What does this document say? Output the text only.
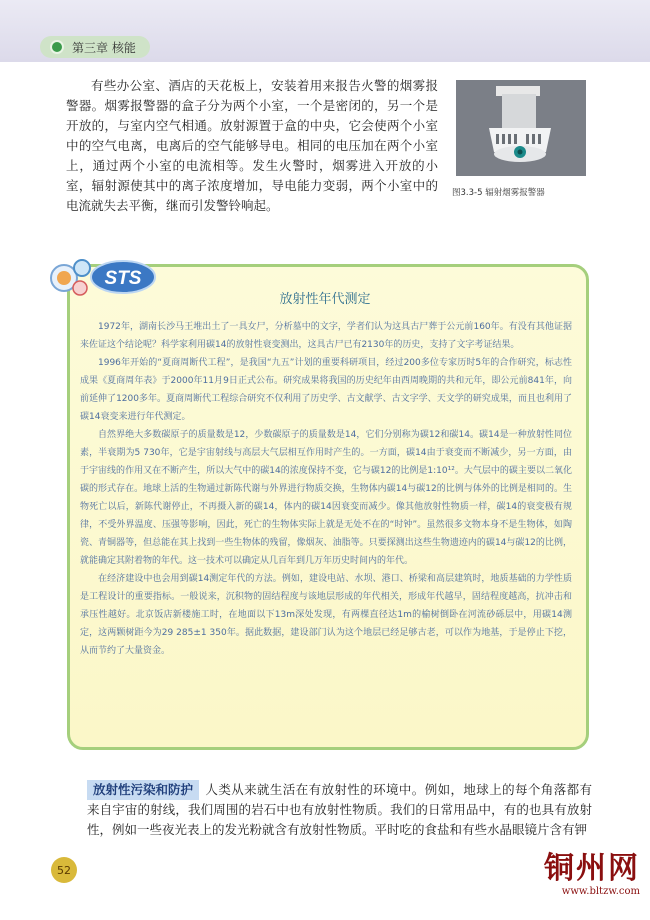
第三章 核能
有些办公室、酒店的天花板上，安装着用来报告火警的烟雾报警器。烟雾报警器的盒子分为两个小室，一个是密闭的，另一个是开放的，与室内空气相通。放射源置于盒的中央，它会使两个小室中的空气电离，电离后的空气能够导电。相同的电压加在两个小室上，通过两个小室的电流相等。发生火警时，烟雾进入开放的小室，辐射源使其中的离子浓度增加，导电能力变弱，两个小室中的电流就失去平衡，继而引发警铃响起。
图3.3-5 辐射烟雾报警器
STS
放射性年代测定

1972年，湖南长沙马王堆出土了一具女尸，分析墓中的文字，学者们认为这具古尸葬于公元前160年。有没有其他证据来佐证这个结论呢？科学家利用碳14的放射性衰变测出，这具古尸已有2130年的历史，支持了文字考证结果。

1996年开始的“夏商周断代工程”，是我国“九五”计划的重要科研项目，经过200多位专家历时5年的合作研究，标志性成果《夏商周年表》于2000年11月9日正式公布。研究成果将我国的历史纪年由西周晚期的共和元年，即公元前841年，向前延伸了1200多年。夏商周断代工程综合研究不仅利用了历史学、古文献学、古文字学、天文学的研究成果，而且也利用了碳14衰变来进行年代测定。

自然界绝大多数碳原子的质量数是12，少数碳原子的质量数是14，它们分别称为碳12和碳14。碳14是一种放射性同位素，半衰期为5 730年，它是宇宙射线与高层大气层相互作用时产生的。一方面，碳14由于衰变而不断减少，另一方面，由于宇宙线的作用又在不断产生，所以大气中的碳14的浓度保持不变，它与碳12的比例是1:10¹²。大气层中的碳主要以二氧化碳的形式存在。地球上活的生物通过新陈代谢与外界进行物质交换，生物体内碳14与碳12的比例与体外的比例是相同的。生物死亡以后，新陈代谢停止，不再摄入新的碳14，体内的碳14因衰变而减少。像其他放射性物质一样，碳14的衰变极有规律，不受外界温度、压强等影响，因此，死亡的生物体实际上就是无处不在的“时钟”。虽然很多文物本身不是生物体，如陶瓷、青铜器等，但总能在其上找到一些生物体的残留，像烟灰、油脂等。只要探测出这些生物遗迹内的碳14与碳12的比例，就能确定其附着物的年代。这一技术可以确定从几百年到几万年历史时间内的年代。

在经济建设中也会用到碳14测定年代的方法。例如，建设电站、水坝、港口、桥梁和高层建筑时，地质基础的力学性质是工程设计的重要指标。一般说来，沉积物的固结程度与该地层形成的年代相关，形成年代越早，固结程度越高，抗冲击和承压性越好。北京饭店新楼施工时，在地面以下13m深处发现，有两棵直径达1m的榆树倒卧在河流砂砾层中，用碳14测定，这两颗树距今为29 285±1 350年。据此数据，建设部门认为这个地层已经足够古老，可以作为地基，于是停止下挖，从而节约了大量资金。

放射性污染和防护 人类从来就生活在有放射性的环境中。例如，地球上的每个角落都有来自宇宙的射线，我们周围的岩石中也有放射性物质。我们的日常用品中，有的也具有放射性，例如一些夜光表上的发光粉就含有放射性物质。平时吃的食盐和有些水晶眼镜片含有钾
52	铜州网
www.bltzw.com
